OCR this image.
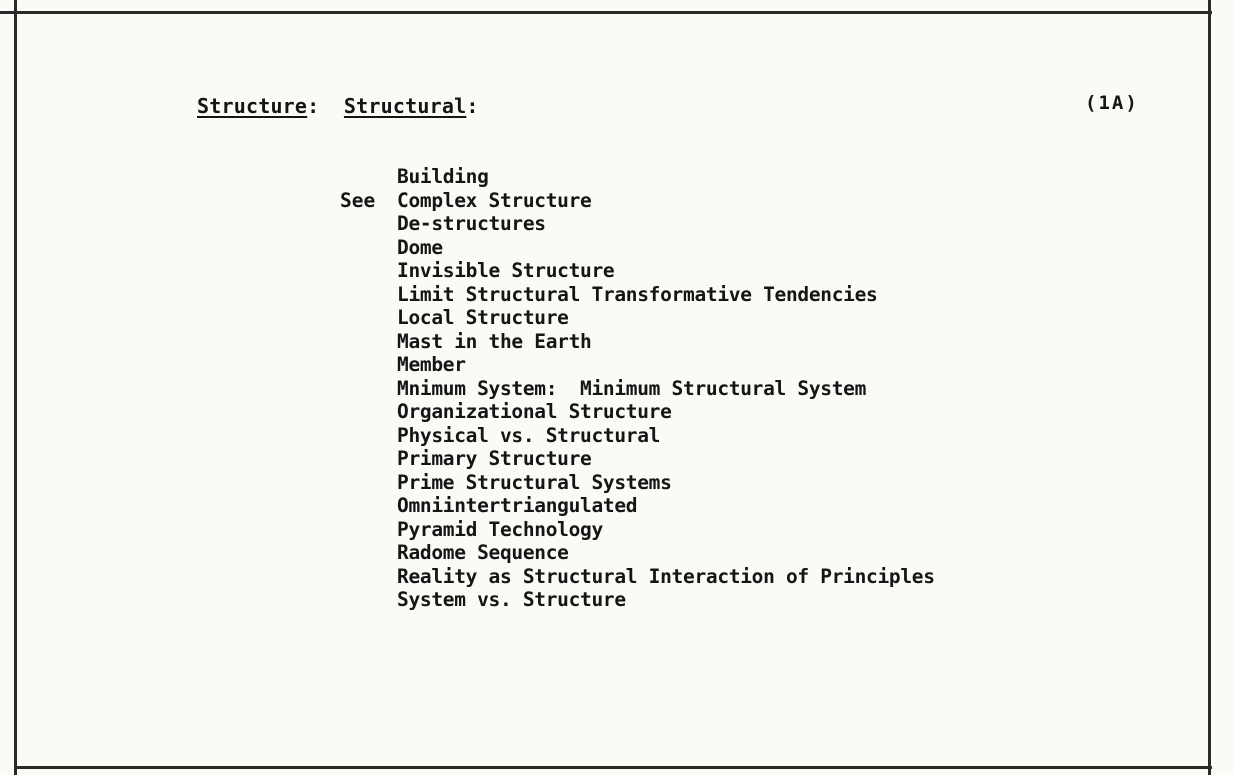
Structure: Structural:	(1A)
See
Building
Complex Structure
De-structures
Dome
Invisible Structure
Limit Structural Transformative Tendencies
Local Structure
Mast in the Earth
Member
Mnimum System:  Minimum Structural System
Organizational Structure
Physical vs. Structural
Primary Structure
Prime Structural Systems
Omniintertriangulated
Pyramid Technology
Radome Sequence
Reality as Structural Interaction of Principles
System vs. Structure
